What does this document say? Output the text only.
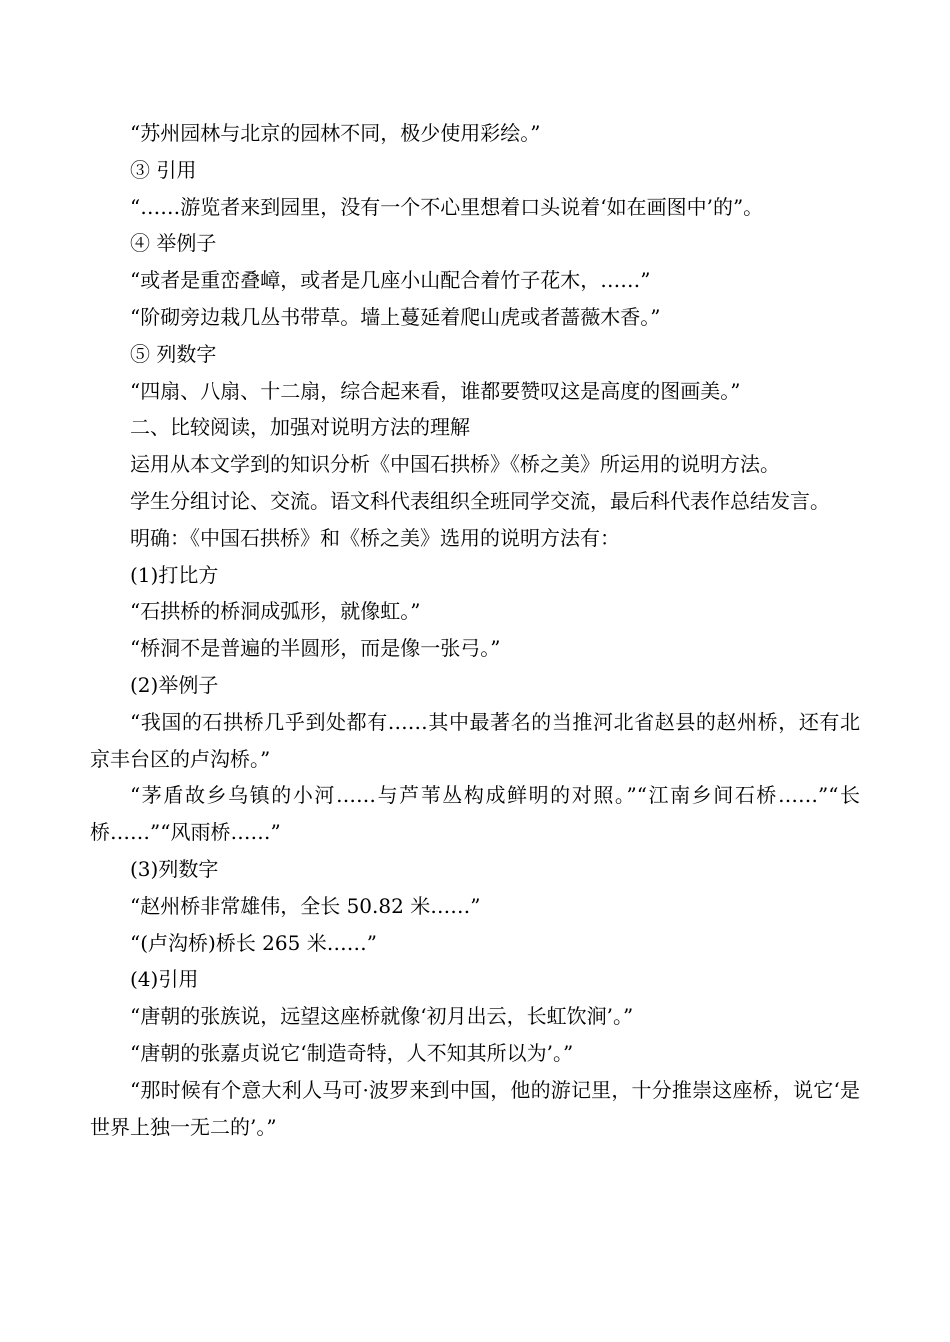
“苏州园林与北京的园林不同，极少使用彩绘。”

③ 引用

“……游览者来到园里，没有一个不心里想着口头说着‘如在画图中’的”。

④ 举例子

“或者是重峦叠嶂，或者是几座小山配合着竹子花木，……”

“阶砌旁边栽几丛书带草。墙上蔓延着爬山虎或者蔷薇木香。”

⑤ 列数字

“四扇、八扇、十二扇，综合起来看，谁都要赞叹这是高度的图画美。”

二、比较阅读，加强对说明方法的理解

运用从本文学到的知识分析《中国石拱桥》《桥之美》所运用的说明方法。

学生分组讨论、交流。语文科代表组织全班同学交流，最后科代表作总结发言。

明确：《中国石拱桥》和《桥之美》选用的说明方法有：

(1)打比方

“石拱桥的桥洞成弧形，就像虹。”

“桥洞不是普遍的半圆形，而是像一张弓。”

(2)举例子

“我国的石拱桥几乎到处都有……其中最著名的当推河北省赵县的赵州桥，还有北京丰台区的卢沟桥。”

“茅盾故乡乌镇的小河……与芦苇丛构成鲜明的对照。”“江南乡间石桥……”“长桥……”“风雨桥……”

(3)列数字

“赵州桥非常雄伟，全长 50.82 米……”

“(卢沟桥)桥长 265 米……”

(4)引用

“唐朝的张族说，远望这座桥就像‘初月出云，长虹饮涧’。”

“唐朝的张嘉贞说它‘制造奇特，人不知其所以为’。”

“那时候有个意大利人马可·波罗来到中国，他的游记里，十分推崇这座桥，说它‘是世界上独一无二的’。”
